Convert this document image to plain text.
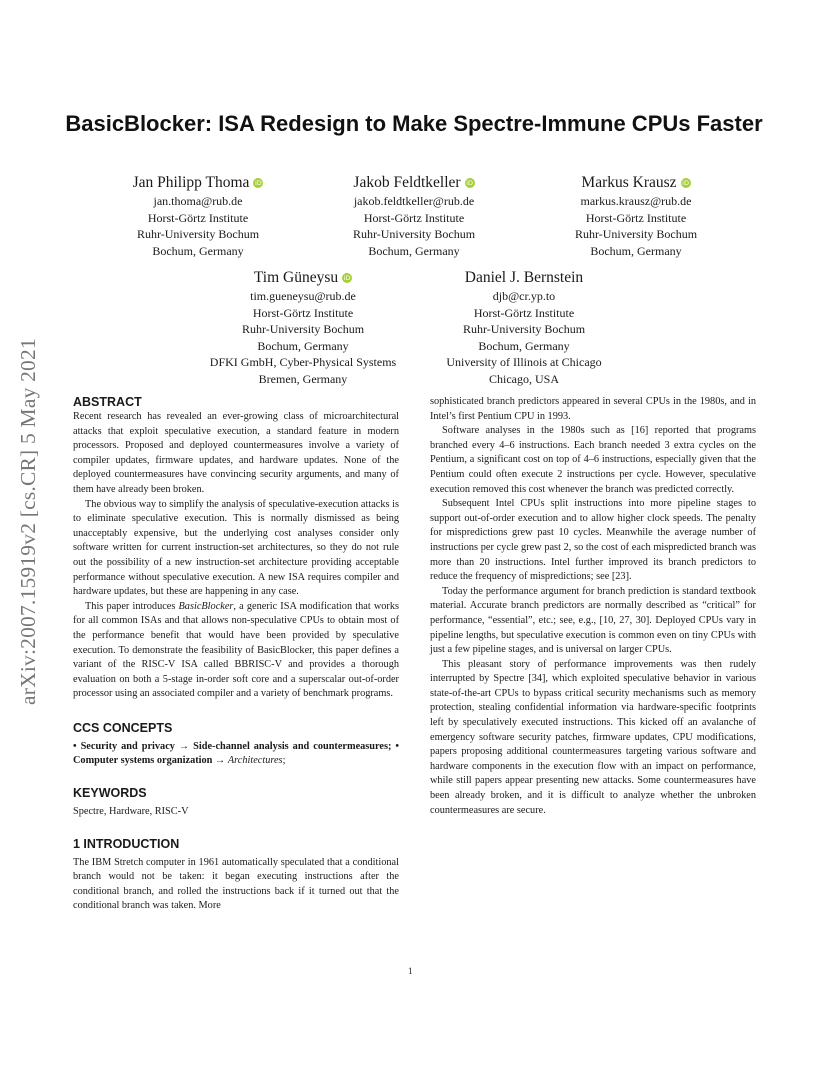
BasicBlocker: ISA Redesign to Make Spectre-Immune CPUs Faster
arXiv:2007.15919v2 [cs.CR] 5 May 2021
Jan Philipp Thoma iD
jan.thoma@rub.de
Horst-Görtz Institute
Ruhr-University Bochum
Bochum, Germany
Jakob Feldtkeller iD
jakob.feldtkeller@rub.de
Horst-Görtz Institute
Ruhr-University Bochum
Bochum, Germany
Markus Krausz iD
markus.krausz@rub.de
Horst-Görtz Institute
Ruhr-University Bochum
Bochum, Germany
Tim Güneysu iD
tim.gueneysu@rub.de
Horst-Görtz Institute
Ruhr-University Bochum
Bochum, Germany
DFKI GmbH, Cyber-Physical Systems
Bremen, Germany
Daniel J. Bernstein
djb@cr.yp.to
Horst-Görtz Institute
Ruhr-University Bochum
Bochum, Germany
University of Illinois at Chicago
Chicago, USA
ABSTRACT

Recent research has revealed an ever-growing class of microarchitectural attacks that exploit speculative execution, a standard feature in modern processors. Proposed and deployed countermeasures involve a variety of compiler updates, firmware updates, and hardware updates. None of the deployed countermeasures have convincing security arguments, and many of them have already been broken.

The obvious way to simplify the analysis of speculative-execution attacks is to eliminate speculative execution. This is normally dismissed as being unacceptably expensive, but the underlying cost analyses consider only software written for current instruction-set architectures, so they do not rule out the possibility of a new instruction-set architecture providing acceptable performance without speculative execution. A new ISA requires compiler and hardware updates, but these are happening in any case.

This paper introduces BasicBlocker, a generic ISA modification that works for all common ISAs and that allows non-speculative CPUs to obtain most of the performance benefit that would have been provided by speculative execution. To demonstrate the feasibility of BasicBlocker, this paper defines a variant of the RISC-V ISA called BBRISC-V and provides a thorough evaluation on both a 5-stage in-order soft core and a superscalar out-of-order processor using an associated compiler and a variety of benchmark programs.

CCS CONCEPTS

• Security and privacy → Side-channel analysis and countermeasures; • Computer systems organization → Architectures;

KEYWORDS

Spectre, Hardware, RISC-V

1 INTRODUCTION

The IBM Stretch computer in 1961 automatically speculated that a conditional branch would not be taken: it began executing instructions after the conditional branch, and rolled the instructions back if it turned out that the conditional branch was taken. More

sophisticated branch predictors appeared in several CPUs in the 1980s, and in Intel’s first Pentium CPU in 1993.

Software analyses in the 1980s such as [16] reported that programs branched every 4–6 instructions. Each branch needed 3 extra cycles on the Pentium, a significant cost on top of 4–6 instructions, especially given that the Pentium could often execute 2 instructions per cycle. However, speculative execution removed this cost whenever the branch was predicted correctly.

Subsequent Intel CPUs split instructions into more pipeline stages to support out-of-order execution and to allow higher clock speeds. The penalty for mispredictions grew past 10 cycles. Meanwhile the average number of instructions per cycle grew past 2, so the cost of each mispredicted branch was more than 20 instructions. Intel further improved its branch predictors to reduce the frequency of mispredictions; see [23].

Today the performance argument for branch prediction is standard textbook material. Accurate branch predictors are normally described as “critical” for performance, “essential”, etc.; see, e.g., [10, 27, 30]. Deployed CPUs vary in pipeline lengths, but speculative execution is common even on tiny CPUs with just a few pipeline stages, and is universal on larger CPUs.

This pleasant story of performance improvements was then rudely interrupted by Spectre [34], which exploited speculative behavior in various state-of-the-art CPUs to bypass critical security mechanisms such as memory protection, stealing confidential information via hardware-specific footprints left by speculatively executed instructions. This kicked off an avalanche of emergency software security patches, firmware updates, CPU modifications, papers proposing additional countermeasures targeting various software and hardware components in the execution flow with an impact on performance, while still papers appear presenting new attacks. Some countermeasures have been already broken, and it is difficult to analyze whether the unbroken countermeasures are secure.

1
